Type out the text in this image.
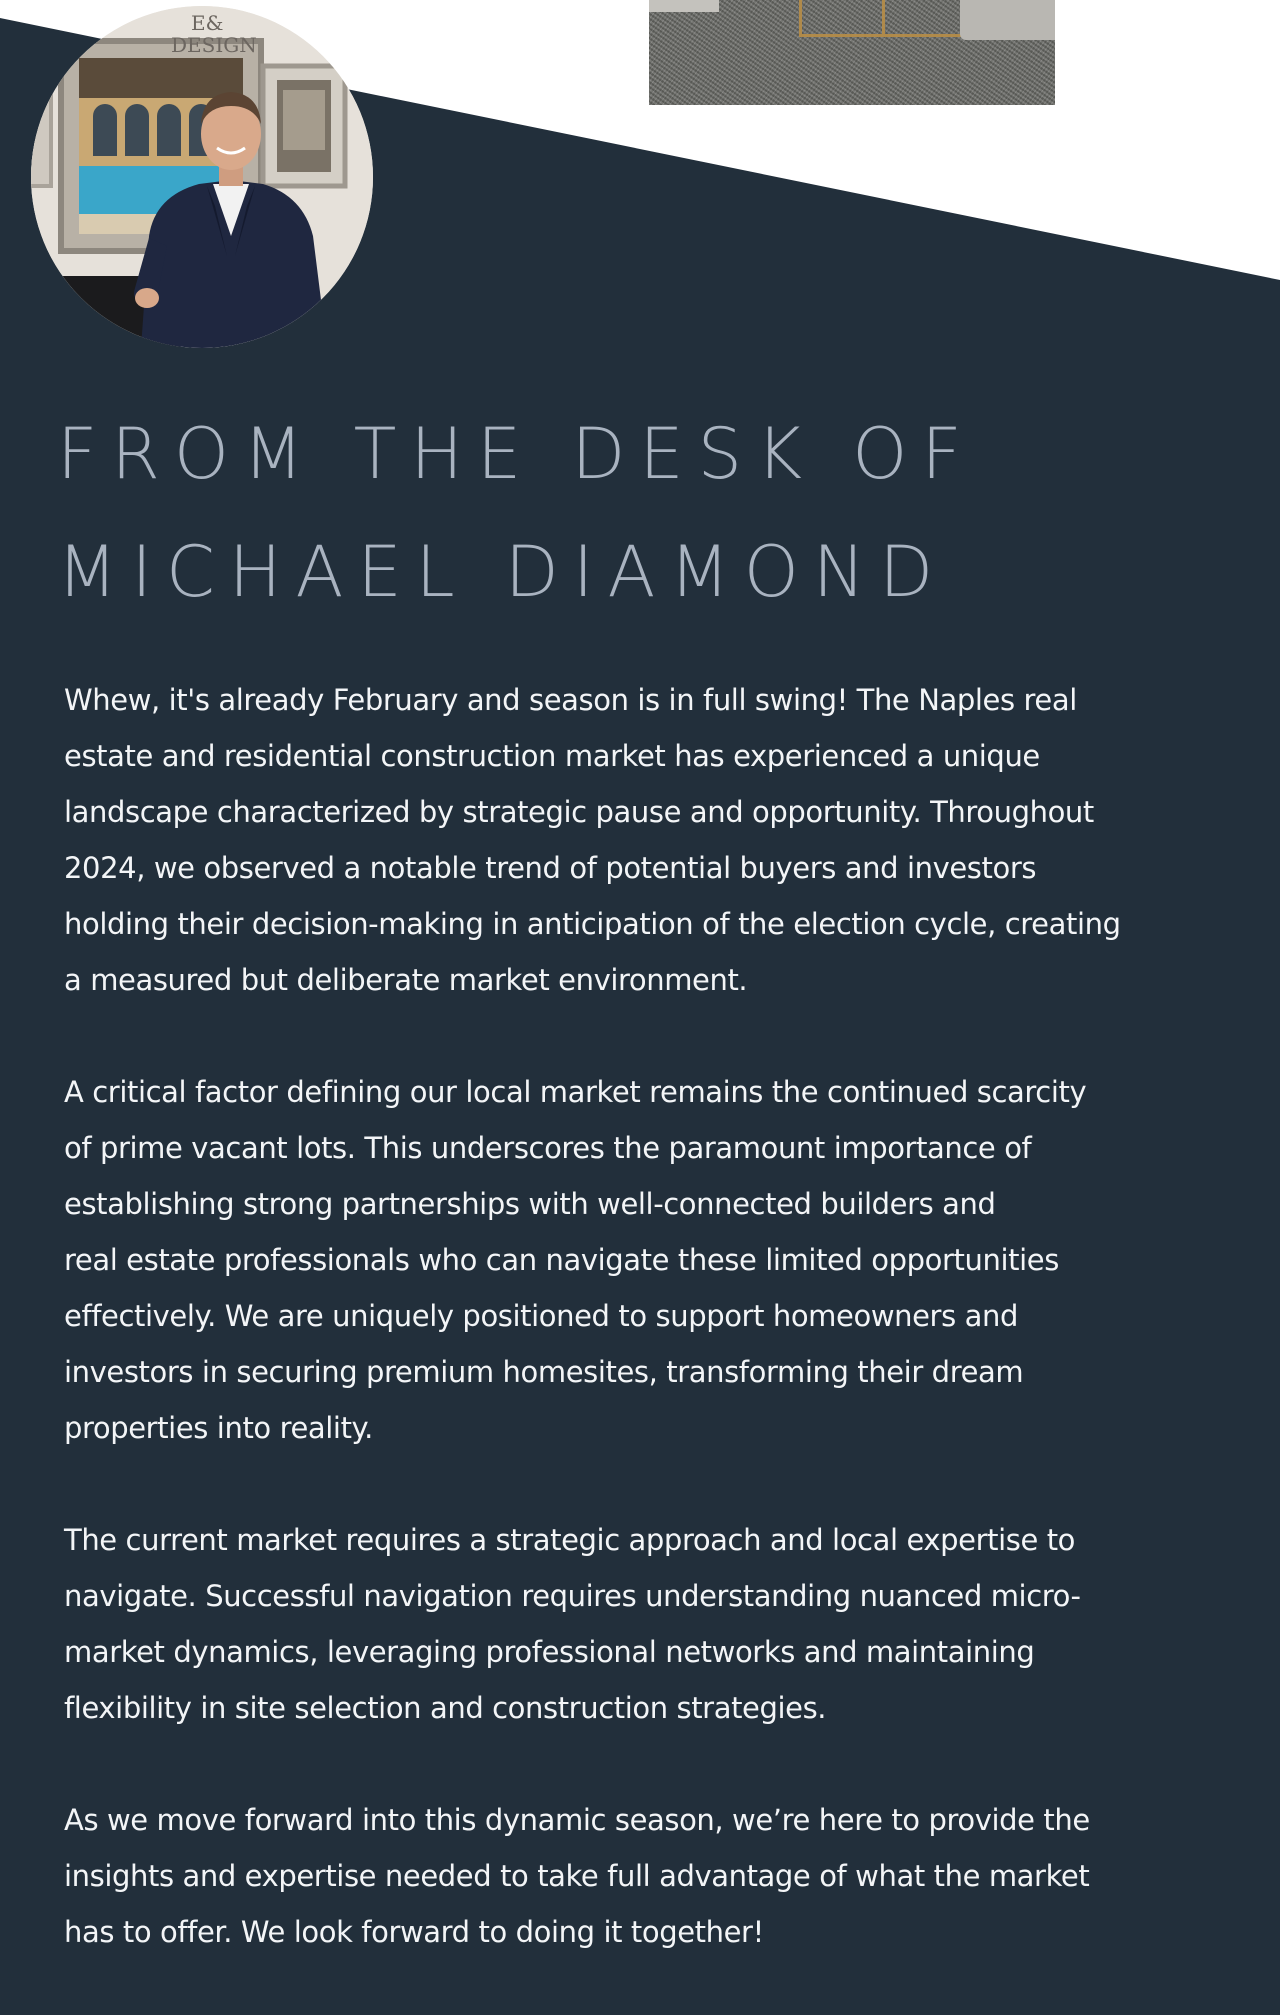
E&
DESIGN
FROM THE DESK OF
MICHAEL DIAMOND

Whew, it's already February and season is in full swing! The Naples real
estate and residential construction market has experienced a unique
landscape characterized by strategic pause and opportunity. Throughout
2024, we observed a notable trend of potential buyers and investors
holding their decision-making in anticipation of the election cycle, creating
a measured but deliberate market environment.

A critical factor defining our local market remains the continued scarcity
of prime vacant lots. This underscores the paramount importance of
establishing strong partnerships with well-connected builders and
real estate professionals who can navigate these limited opportunities
effectively. We are uniquely positioned to support homeowners and
investors in securing premium homesites, transforming their dream
properties into reality.

The current market requires a strategic approach and local expertise to
navigate. Successful navigation requires understanding nuanced micro-
market dynamics, leveraging professional networks and maintaining
flexibility in site selection and construction strategies.

As we move forward into this dynamic season, we’re here to provide the
insights and expertise needed to take full advantage of what the market
has to offer. We look forward to doing it together!
